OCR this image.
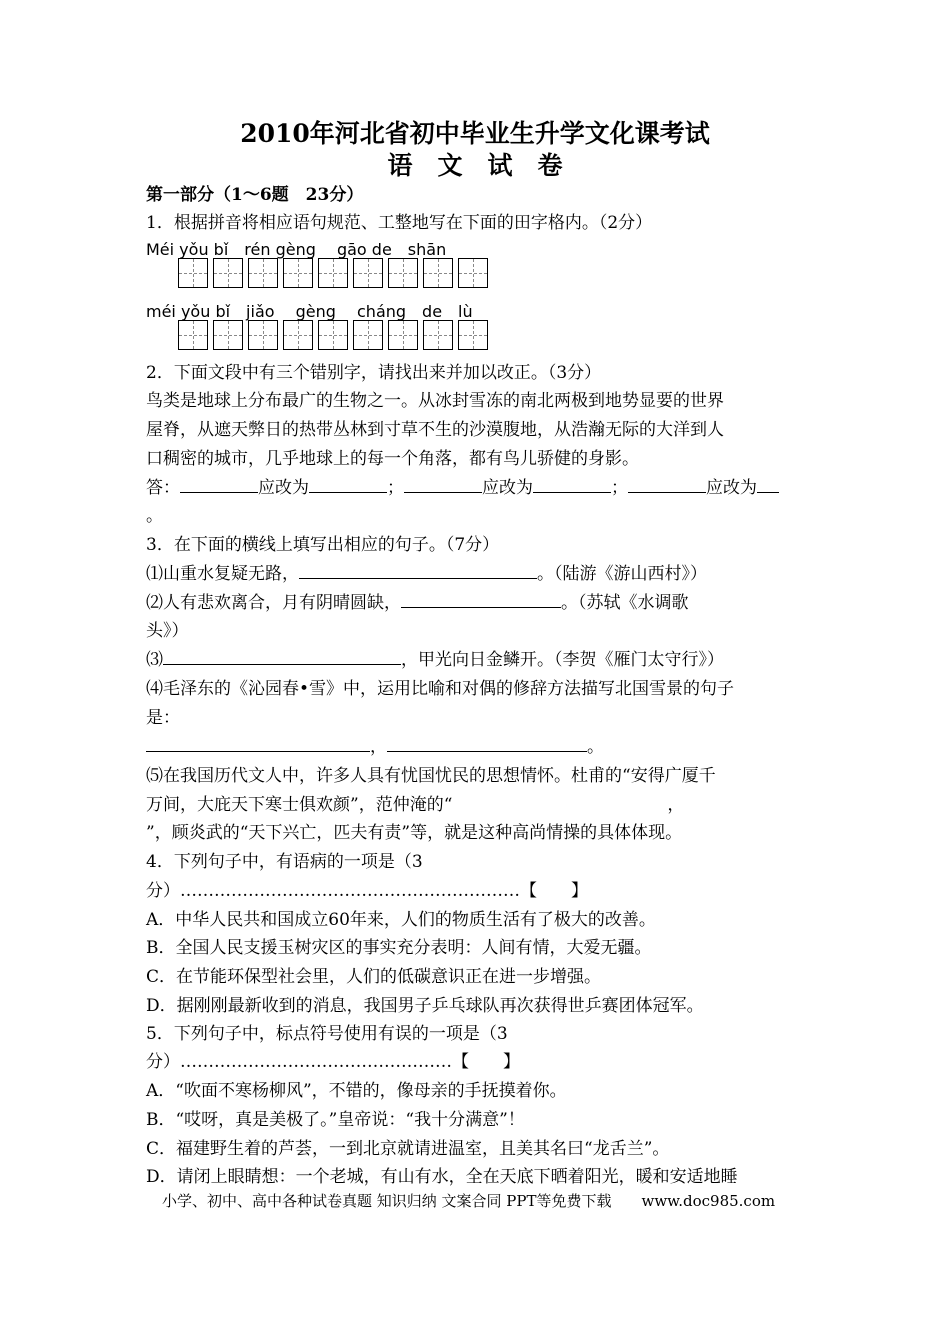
2010年河北省初中毕业生升学文化课考试
语　文　试　卷
第一部分（1～6题　23分）
1．根据拼音将相应语句规范、工整地写在下面的田字格内。（2分）
Méi yǒu bǐ　rén gèng　 gāo de　shān
méi yǒu bǐ　jiǎo　 gèng　 cháng　de　lù
2．下面文段中有三个错别字，请找出来并加以改正。（3分）
鸟类是地球上分布最广的生物之一。从冰封雪冻的南北两极到地势显要的世界
屋脊，从遮天弊日的热带丛林到寸草不生的沙漠腹地，从浩瀚无际的大洋到人
口稠密的城市，几乎地球上的每一个角落，都有鸟儿骄健的身影。
答：	应改为	；	应改为	；	应改为
。
3．在下面的横线上填写出相应的句子。（7分）
⑴山重水复疑无路，	。（陆游《游山西村》）
⑵人有悲欢离合，月有阴晴圆缺，	。（苏轼《水调歌
头》）
⑶	，甲光向日金鳞开。（李贺《雁门太守行》）
⑷毛泽东的《沁园春•雪》中，运用比喻和对偶的修辞方法描写北国雪景的句子
是：
，	。
⑸在我国历代文人中，许多人具有忧国忧民的思想情怀。杜甫的“安得广厦千
万间，大庇天下寒士俱欢颜”，范仲淹的“	，
”，顾炎武的“天下兴亡，匹夫有责”等，就是这种高尚情操的具体体现。
4．下列句子中，有语病的一项是（3
分）……………………………………………………【　　】
A．中华人民共和国成立60年来，人们的物质生活有了极大的改善。
B．全国人民支援玉树灾区的事实充分表明：人间有情，大爱无疆。
C．在节能环保型社会里，人们的低碳意识正在进一步增强。
D．据刚刚最新收到的消息，我国男子乒乓球队再次获得世乒赛团体冠军。
5．下列句子中，标点符号使用有误的一项是（3
分）…………………………………………【　　】
A．“吹面不寒杨柳风”，不错的，像母亲的手抚摸着你。
B．“哎呀，真是美极了。”皇帝说：“我十分满意”！
C．福建野生着的芦荟，一到北京就请进温室，且美其名曰“龙舌兰”。
D．请闭上眼睛想：一个老城，有山有水，全在天底下晒着阳光，暖和安适地睡
小学、初中、高中各种试卷真题 知识归纳 文案合同 PPT等免费下载　　www.doc985.com
